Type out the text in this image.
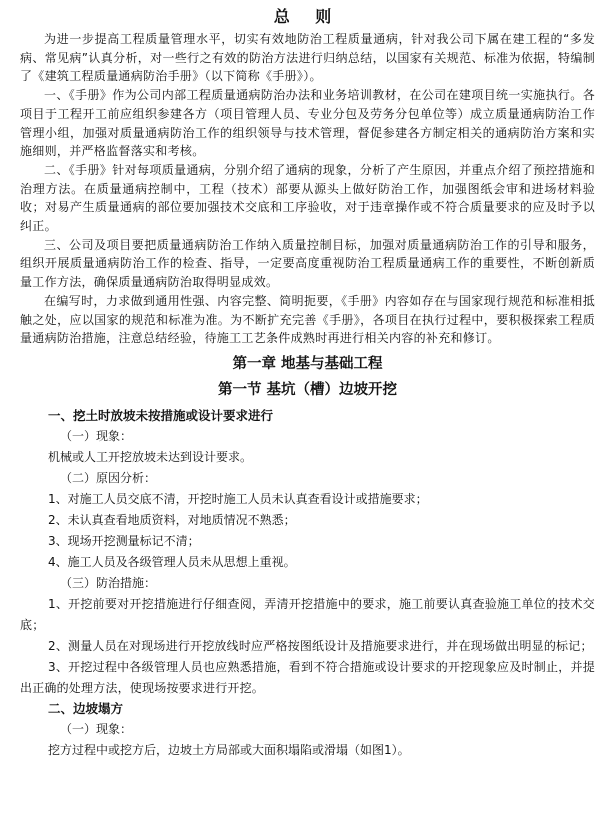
总 则

为进一步提高工程质量管理水平，切实有效地防治工程质量通病，针对我公司下属在建工程的“多发病、常见病”认真分析，对一些行之有效的防治方法进行归纳总结，以国家有关规范、标准为依据，特编制了《建筑工程质量通病防治手册》（以下简称《手册》）。

一、《手册》作为公司内部工程质量通病防治办法和业务培训教材，在公司在建项目统一实施执行。各项目于工程开工前应组织参建各方（项目管理人员、专业分包及劳务分包单位等）成立质量通病防治工作管理小组，加强对质量通病防治工作的组织领导与技术管理，督促参建各方制定相关的通病防治方案和实施细则，并严格监督落实和考核。

二、《手册》针对每项质量通病，分别介绍了通病的现象，分析了产生原因，并重点介绍了预控措施和治理方法。在质量通病控制中，工程（技术）部要从源头上做好防治工作，加强图纸会审和进场材料验收；对易产生质量通病的部位要加强技术交底和工序验收，对于违章操作或不符合质量要求的应及时予以纠正。

三、公司及项目要把质量通病防治工作纳入质量控制目标，加强对质量通病防治工作的引导和服务，组织开展质量通病防治工作的检查、指导，一定要高度重视防治工程质量通病工作的重要性，不断创新质量工作方法，确保质量通病防治取得明显成效。

在编写时，力求做到通用性强、内容完整、简明扼要，《手册》内容如存在与国家现行规范和标准相抵触之处，应以国家的规范和标准为准。为不断扩充完善《手册》，各项目在执行过程中，要积极探索工程质量通病防治措施，注意总结经验，待施工工艺条件成熟时再进行相关内容的补充和修订。

第一章 地基与基础工程
第一节 基坑（槽）边坡开挖

一、挖土时放坡未按措施或设计要求进行

（一）现象：

机械或人工开挖放坡未达到设计要求。

（二）原因分析：

1、对施工人员交底不清，开挖时施工人员未认真查看设计或措施要求；

2、未认真查看地质资料，对地质情况不熟悉；

3、现场开挖测量标记不清；

4、施工人员及各级管理人员未从思想上重视。

（三）防治措施：

1、开挖前要对开挖措施进行仔细查阅，弄清开挖措施中的要求，施工前要认真查验施工单位的技术交底；

2、测量人员在对现场进行开挖放线时应严格按图纸设计及措施要求进行，并在现场做出明显的标记；

3、开挖过程中各级管理人员也应熟悉措施，看到不符合措施或设计要求的开挖现象应及时制止，并提出正确的处理方法，使现场按要求进行开挖。

二、边坡塌方

（一）现象：

挖方过程中或挖方后，边坡土方局部或大面积塌陷或滑塌（如图1）。
